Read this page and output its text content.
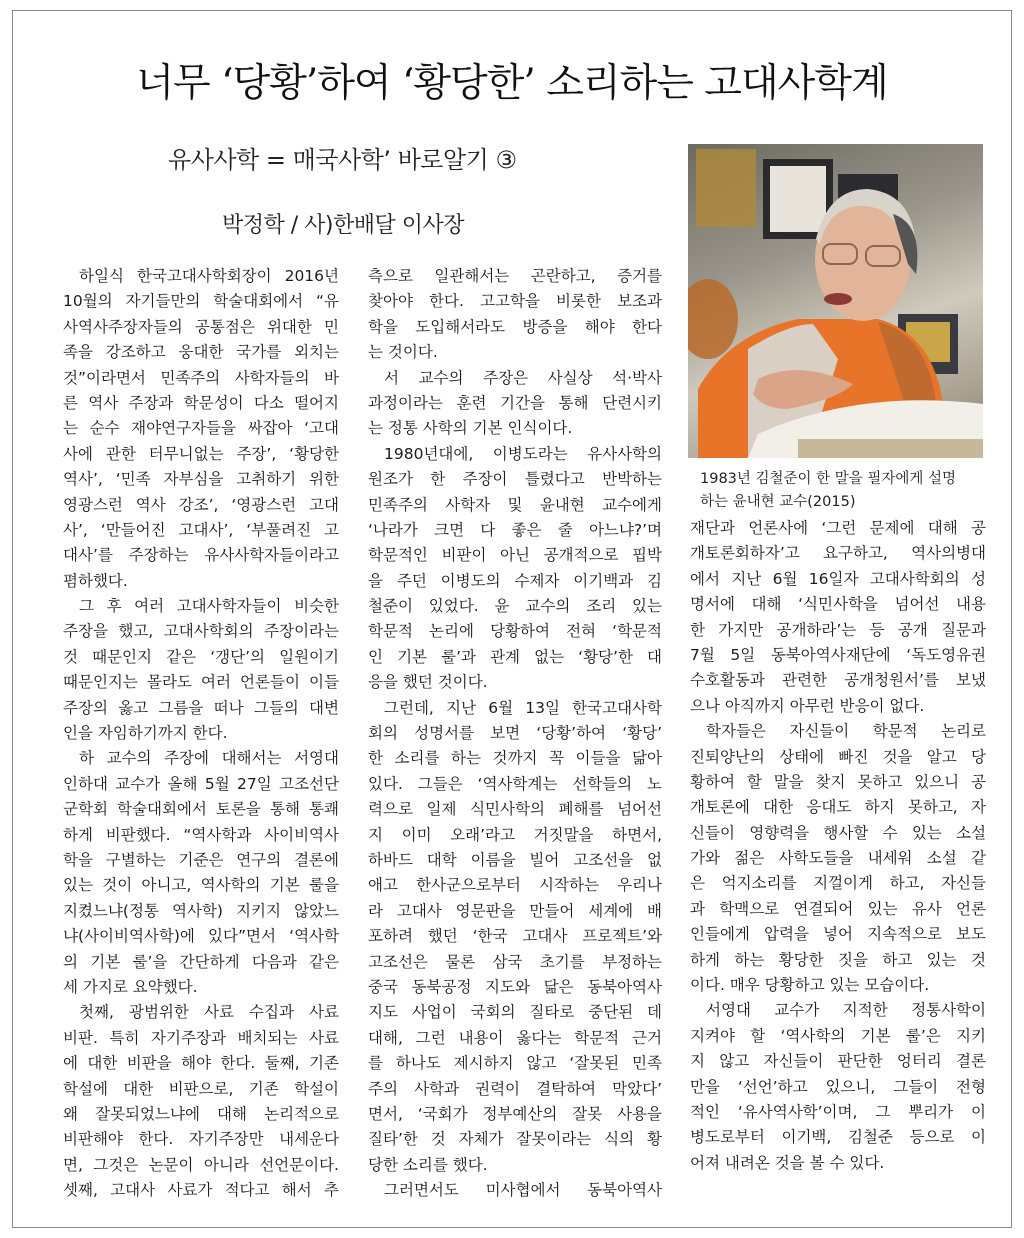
너무 ‘당황’하여 ‘황당한’ 소리하는 고대사학계
유사사학 = 매국사학’ 바로알기 ③
박정학 / 사)한배달 이사장
1983년 김철준이 한 말을 필자에게 설명
하는 윤내현 교수(2015)
하일식 한국고대사학회장이 2016년
10월의 자기들만의 학술대회에서 “유
사역사주장자들의 공통점은 위대한 민
족을 강조하고 웅대한 국가를 외치는
것”이라면서 민족주의 사학자들의 바
른 역사 주장과 학문성이 다소 떨어지
는 순수 재야연구자들을 싸잡아 ‘고대
사에 관한 터무니없는 주장’, ‘황당한
역사’, ‘민족 자부심을 고취하기 위한
영광스런 역사 강조’, ‘영광스런 고대
사’, ‘만들어진 고대사’, ‘부풀려진 고
대사’를 주장하는 유사사학자들이라고
폄하했다.
그 후 여러 고대사학자들이 비슷한
주장을 했고, 고대사학회의 주장이라는
것 때문인지 같은 ‘갱단’의 일원이기
때문인지는 몰라도 여러 언론들이 이들
주장의 옳고 그름을 떠나 그들의 대변
인을 자임하기까지 한다.
하 교수의 주장에 대해서는 서영대
인하대 교수가 올해 5월 27일 고조선단
군학회 학술대회에서 토론을 통해 통쾌
하게 비판했다. “역사학과 사이비역사
학을 구별하는 기준은 연구의 결론에
있는 것이 아니고, 역사학의 기본 룰을
지켰느냐(정통 역사학) 지키지 않았느
냐(사이비역사학)에 있다”면서 ‘역사학
의 기본 룰’을 간단하게 다음과 같은
세 가지로 요약했다.
첫째, 광범위한 사료 수집과 사료
비판. 특히 자기주장과 배치되는 사료
에 대한 비판을 해야 한다. 둘째, 기존
학설에 대한 비판으로, 기존 학설이
왜 잘못되었느냐에 대해 논리적으로
비판해야 한다. 자기주장만 내세운다
면, 그것은 논문이 아니라 선언문이다.
셋째, 고대사 사료가 적다고 해서 추
측으로 일관해서는 곤란하고, 증거를
찾아야 한다. 고고학을 비롯한 보조과
학을 도입해서라도 방증을 해야 한다
는 것이다.
서 교수의 주장은 사실상 석·박사
과정이라는 훈련 기간을 통해 단련시키
는 정통 사학의 기본 인식이다.
1980년대에, 이병도라는 유사사학의
원조가 한 주장이 틀렸다고 반박하는
민족주의 사학자 및 윤내현 교수에게
‘나라가 크면 다 좋은 줄 아느냐?’며
학문적인 비판이 아닌 공개적으로 핍박
을 주던 이병도의 수제자 이기백과 김
철준이 있었다. 윤 교수의 조리 있는
학문적 논리에 당황하여 전혀 ‘학문적
인 기본 룰’과 관계 없는 ‘황당’한 대
응을 했던 것이다.
그런데, 지난 6월 13일 한국고대사학
회의 성명서를 보면 ‘당황’하여 ‘황당’
한 소리를 하는 것까지 꼭 이들을 닮아
있다. 그들은 ‘역사학계는 선학들의 노
력으로 일제 식민사학의 폐해를 넘어선
지 이미 오래’라고 거짓말을 하면서,
하바드 대학 이름을 빌어 고조선을 없
애고 한사군으로부터 시작하는 우리나
라 고대사 영문판을 만들어 세계에 배
포하려 했던 ‘한국 고대사 프로젝트’와
고조선은 물론 삼국 초기를 부정하는
중국 동북공정 지도와 닮은 동북아역사
지도 사업이 국회의 질타로 중단된 데
대해, 그런 내용이 옳다는 학문적 근거
를 하나도 제시하지 않고 ‘잘못된 민족
주의 사학과 권력이 결탁하여 막았다’
면서, ‘국회가 정부예산의 잘못 사용을
질타’한 것 자체가 잘못이라는 식의 황
당한 소리를 했다.
그러면서도 미사협에서 동북아역사
재단과 언론사에 ‘그런 문제에 대해 공
개토론회하자’고 요구하고, 역사의병대
에서 지난 6월 16일자 고대사학회의 성
명서에 대해 ‘식민사학을 넘어선 내용
한 가지만 공개하라’는 등 공개 질문과
7월 5일 동북아역사재단에 ‘독도영유권
수호활동과 관련한 공개청원서’를 보냈
으나 아직까지 아무런 반응이 없다.
학자들은 자신들이 학문적 논리로
진퇴양난의 상태에 빠진 것을 알고 당
황하여 할 말을 찾지 못하고 있으니 공
개토론에 대한 응대도 하지 못하고, 자
신들이 영향력을 행사할 수 있는 소설
가와 젊은 사학도들을 내세워 소설 같
은 억지소리를 지껄이게 하고, 자신들
과 학맥으로 연결되어 있는 유사 언론
인들에게 압력을 넣어 지속적으로 보도
하게 하는 황당한 짓을 하고 있는 것
이다. 매우 당황하고 있는 모습이다.
서영대 교수가 지적한 정통사학이
지켜야 할 ‘역사학의 기본 룰’은 지키
지 않고 자신들이 판단한 엉터리 결론
만을 ‘선언’하고 있으니, 그들이 전형
적인 ‘유사역사학’이며, 그 뿌리가 이
병도로부터 이기백, 김철준 등으로 이
어져 내려온 것을 볼 수 있다.
